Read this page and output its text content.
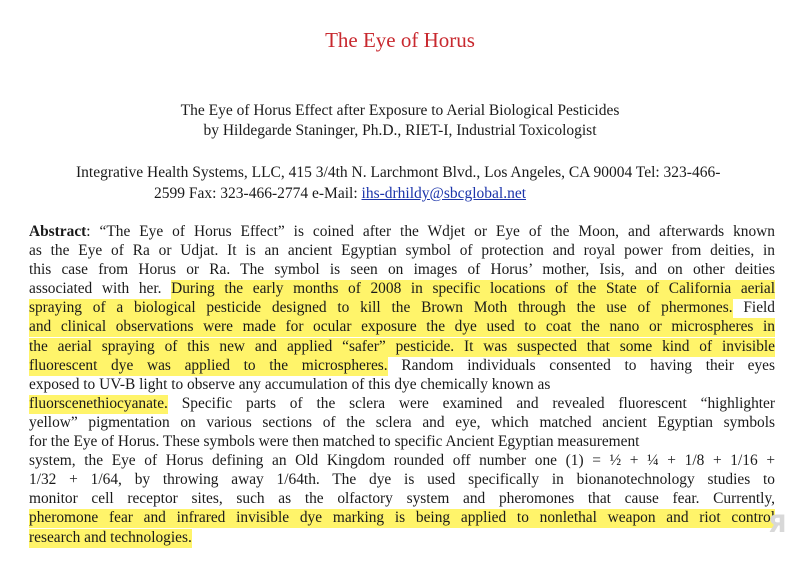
The Eye of Horus
The Eye of Horus Effect after Exposure to Aerial Biological Pesticides
by Hildegarde Staninger, Ph.D., RIET-I, Industrial Toxicologist
Integrative Health Systems, LLC, 415 3/4th N. Larchmont Blvd., Los Angeles, CA 90004 Tel: 323-466-
2599 Fax: 323-466-2774 e-Mail: ihs-drhildy@sbcglobal.net
Abstract: “The Eye of Horus Effect” is coined after the Wdjet or Eye of the Moon, and afterwards known
as the Eye of Ra or Udjat. It is an ancient Egyptian symbol of protection and royal power from deities, in
this case from Horus or Ra. The symbol is seen on images of Horus’ mother, Isis, and on other deities
associated with her. During the early months of 2008 in specific locations of the State of California aerial
spraying of a biological pesticide designed to kill the Brown Moth through the use of phermones. Field
and clinical observations were made for ocular exposure the dye used to coat the nano or microspheres in
the aerial spraying of this new and applied “safer” pesticide. It was suspected that some kind of invisible
fluorescent dye was applied to the microspheres. Random individuals consented to having their eyes
exposed to UV-B light to observe any accumulation of this dye chemically known as
fluorscenethiocyanate. Specific parts of the sclera were examined and revealed fluorescent “highlighter
yellow” pigmentation on various sections of the sclera and eye, which matched ancient Egyptian symbols
for the Eye of Horus. These symbols were then matched to specific Ancient Egyptian measurement
system, the Eye of Horus defining an Old Kingdom rounded off number one (1) = ½ + ¼ + 1/8 + 1/16 +
1/32 + 1/64, by throwing away 1/64th. The dye is used specifically in bionanotechnology studies to
monitor cell receptor sites, such as the olfactory system and pheromones that cause fear. Currently,
pheromone fear and infrared invisible dye marking is being applied to nonlethal weapon and riot control
research and technologies.	Я
